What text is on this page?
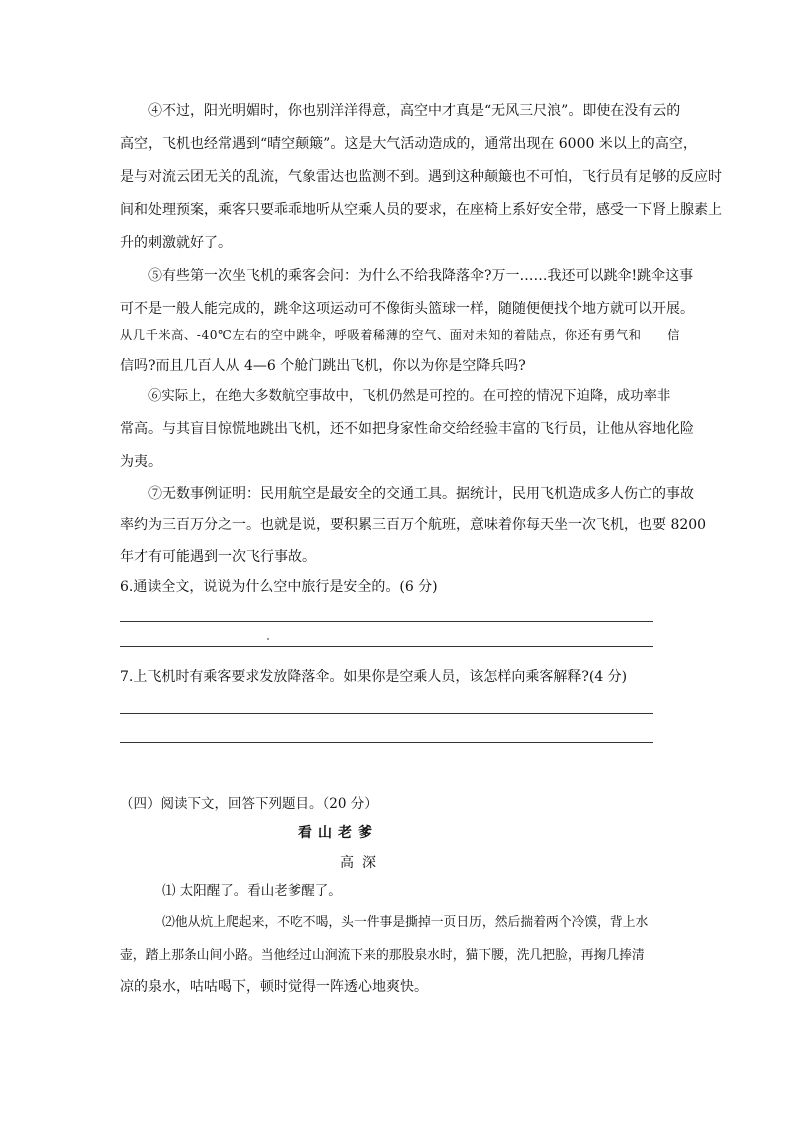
④不过，阳光明媚时，你也别洋洋得意，高空中才真是“无风三尺浪”。即使在没有云的
高空，飞机也经常遇到“晴空颠簸”。这是大气活动造成的，通常出现在 6000 米以上的高空，
是与对流云团无关的乱流，气象雷达也监测不到。遇到这种颠簸也不可怕，飞行员有足够的反应时
间和处理预案，乘客只要乖乖地听从空乘人员的要求，在座椅上系好安全带，感受一下肾上腺素上
升的刺激就好了。
⑤有些第一次坐飞机的乘客会问：为什么不给我降落伞?万一……我还可以跳伞!跳伞这事
可不是一般人能完成的，跳伞这项运动可不像街头篮球一样，随随便便找个地方就可以开展。
从几千米高、-40℃左右的空中跳伞，呼吸着稀薄的空气、面对未知的着陆点，你还有勇气和 信
信吗?而且几百人从 4—6 个舱门跳出飞机，你以为你是空降兵吗?
⑥实际上，在绝大多数航空事故中，飞机仍然是可控的。在可控的情况下迫降，成功率非
常高。与其盲目惊慌地跳出飞机，还不如把身家性命交给经验丰富的飞行员，让他从容地化险
为夷。
⑦无数事例证明：民用航空是最安全的交通工具。据统计，民用飞机造成多人伤亡的事故
率约为三百万分之一。也就是说，要积累三百万个航班，意味着你每天坐一次飞机，也要 8200
年才有可能遇到一次飞行事故。
6.通读全文，说说为什么空中旅行是安全的。(6 分)
7.上飞机时有乘客要求发放降落伞。如果你是空乘人员，该怎样向乘客解释?(4 分)
（四）阅读下文，回答下列题目。（20 分）
看山老爹
高深
⑴ 太阳醒了。看山老爹醒了。
⑵他从炕上爬起来，不吃不喝，头一件事是撕掉一页日历，然后揣着两个冷馍，背上水
壶，踏上那条山间小路。当他经过山涧流下来的那股泉水时，猫下腰，洗几把脸，再掬几捧清
凉的泉水，咕咕喝下，顿时觉得一阵透心地爽快。
